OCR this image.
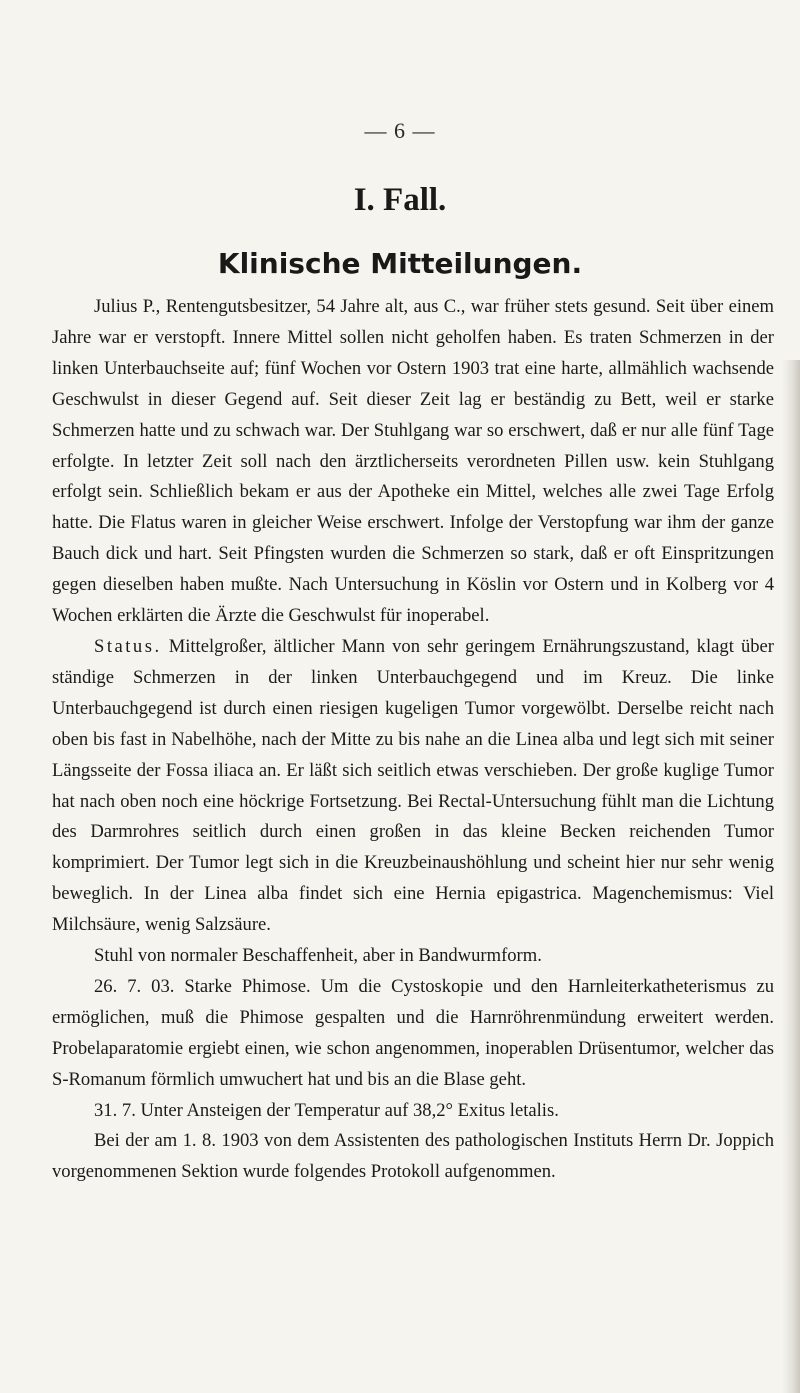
— 6 —
I. Fall.
Klinische Mitteilungen.

Julius P., Rentengutsbesitzer, 54 Jahre alt, aus C., war früher stets gesund. Seit über einem Jahre war er verstopft. Innere Mittel sollen nicht geholfen haben. Es traten Schmerzen in der linken Unterbauchseite auf; fünf Wochen vor Ostern 1903 trat eine harte, allmählich wachsende Geschwulst in dieser Gegend auf. Seit dieser Zeit lag er beständig zu Bett, weil er starke Schmerzen hatte und zu schwach war. Der Stuhlgang war so erschwert, daß er nur alle fünf Tage erfolgte. In letzter Zeit soll nach den ärztlicherseits verordneten Pillen usw. kein Stuhlgang erfolgt sein. Schließlich bekam er aus der Apotheke ein Mittel, welches alle zwei Tage Erfolg hatte. Die Flatus waren in gleicher Weise erschwert. Infolge der Verstopfung war ihm der ganze Bauch dick und hart. Seit Pfingsten wurden die Schmerzen so stark, daß er oft Einspritzungen gegen dieselben haben mußte. Nach Untersuchung in Köslin vor Ostern und in Kolberg vor 4 Wochen erklärten die Ärzte die Geschwulst für inoperabel.

Status. Mittelgroßer, ältlicher Mann von sehr geringem Ernährungszustand, klagt über ständige Schmerzen in der linken Unterbauchgegend und im Kreuz. Die linke Unterbauchgegend ist durch einen riesigen kugeligen Tumor vorgewölbt. Derselbe reicht nach oben bis fast in Nabelhöhe, nach der Mitte zu bis nahe an die Linea alba und legt sich mit seiner Längsseite der Fossa iliaca an. Er läßt sich seitlich etwas verschieben. Der große kuglige Tumor hat nach oben noch eine höckrige Fortsetzung. Bei Rectal-Untersuchung fühlt man die Lichtung des Darmrohres seitlich durch einen großen in das kleine Becken reichenden Tumor komprimiert. Der Tumor legt sich in die Kreuzbeinaushöhlung und scheint hier nur sehr wenig beweglich. In der Linea alba findet sich eine Hernia epigastrica. Magenchemismus: Viel Milchsäure, wenig Salzsäure.

Stuhl von normaler Beschaffenheit, aber in Bandwurmform.

26. 7. 03. Starke Phimose. Um die Cystoskopie und den Harnleiterkatheterismus zu ermöglichen, muß die Phimose gespalten und die Harnröhrenmündung erweitert werden. Probelaparatomie ergiebt einen, wie schon angenommen, inoperablen Drüsentumor, welcher das S-Romanum förmlich umwuchert hat und bis an die Blase geht.

31. 7. Unter Ansteigen der Temperatur auf 38,2° Exitus letalis.

Bei der am 1. 8. 1903 von dem Assistenten des pathologischen Instituts Herrn Dr. Joppich vorgenommenen Sektion wurde folgendes Protokoll aufgenommen.
